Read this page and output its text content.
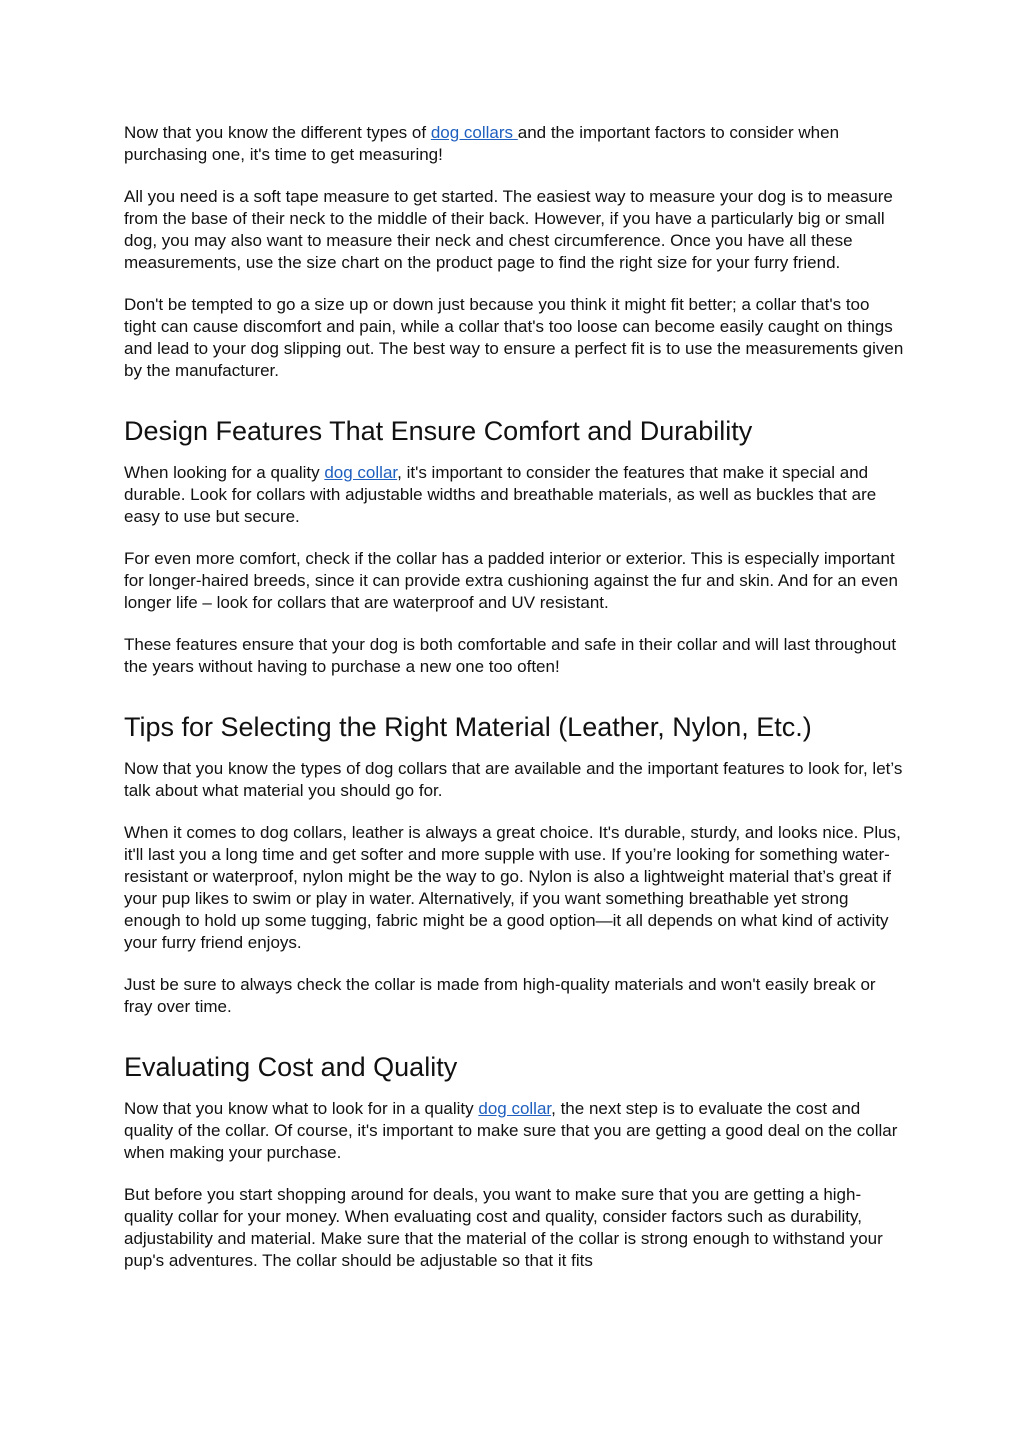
Now that you know the different types of dog collars and the important factors to consider when purchasing one, it's time to get measuring!

All you need is a soft tape measure to get started. The easiest way to measure your dog is to measure from the base of their neck to the middle of their back. However, if you have a particularly big or small dog, you may also want to measure their neck and chest circumference. Once you have all these measurements, use the size chart on the product page to find the right size for your furry friend.

Don't be tempted to go a size up or down just because you think it might fit better; a collar that's too tight can cause discomfort and pain, while a collar that's too loose can become easily caught on things and lead to your dog slipping out. The best way to ensure a perfect fit is to use the measurements given by the manufacturer.

Design Features That Ensure Comfort and Durability

When looking for a quality dog collar, it's important to consider the features that make it special and durable. Look for collars with adjustable widths and breathable materials, as well as buckles that are easy to use but secure.

For even more comfort, check if the collar has a padded interior or exterior. This is especially important for longer-haired breeds, since it can provide extra cushioning against the fur and skin. And for an even longer life – look for collars that are waterproof and UV resistant.

These features ensure that your dog is both comfortable and safe in their collar and will last throughout the years without having to purchase a new one too often!

Tips for Selecting the Right Material (Leather, Nylon, Etc.)

Now that you know the types of dog collars that are available and the important features to look for, let’s talk about what material you should go for.

When it comes to dog collars, leather is always a great choice. It's durable, sturdy, and looks nice. Plus, it'll last you a long time and get softer and more supple with use. If you’re looking for something water-resistant or waterproof, nylon might be the way to go. Nylon is also a lightweight material that’s great if your pup likes to swim or play in water. Alternatively, if you want something breathable yet strong enough to hold up some tugging, fabric might be a good option—it all depends on what kind of activity your furry friend enjoys.

Just be sure to always check the collar is made from high-quality materials and won't easily break or fray over time.

Evaluating Cost and Quality

Now that you know what to look for in a quality dog collar, the next step is to evaluate the cost and quality of the collar. Of course, it's important to make sure that you are getting a good deal on the collar when making your purchase.

But before you start shopping around for deals, you want to make sure that you are getting a high-quality collar for your money. When evaluating cost and quality, consider factors such as durability, adjustability and material. Make sure that the material of the collar is strong enough to withstand your pup's adventures. The collar should be adjustable so that it fits
